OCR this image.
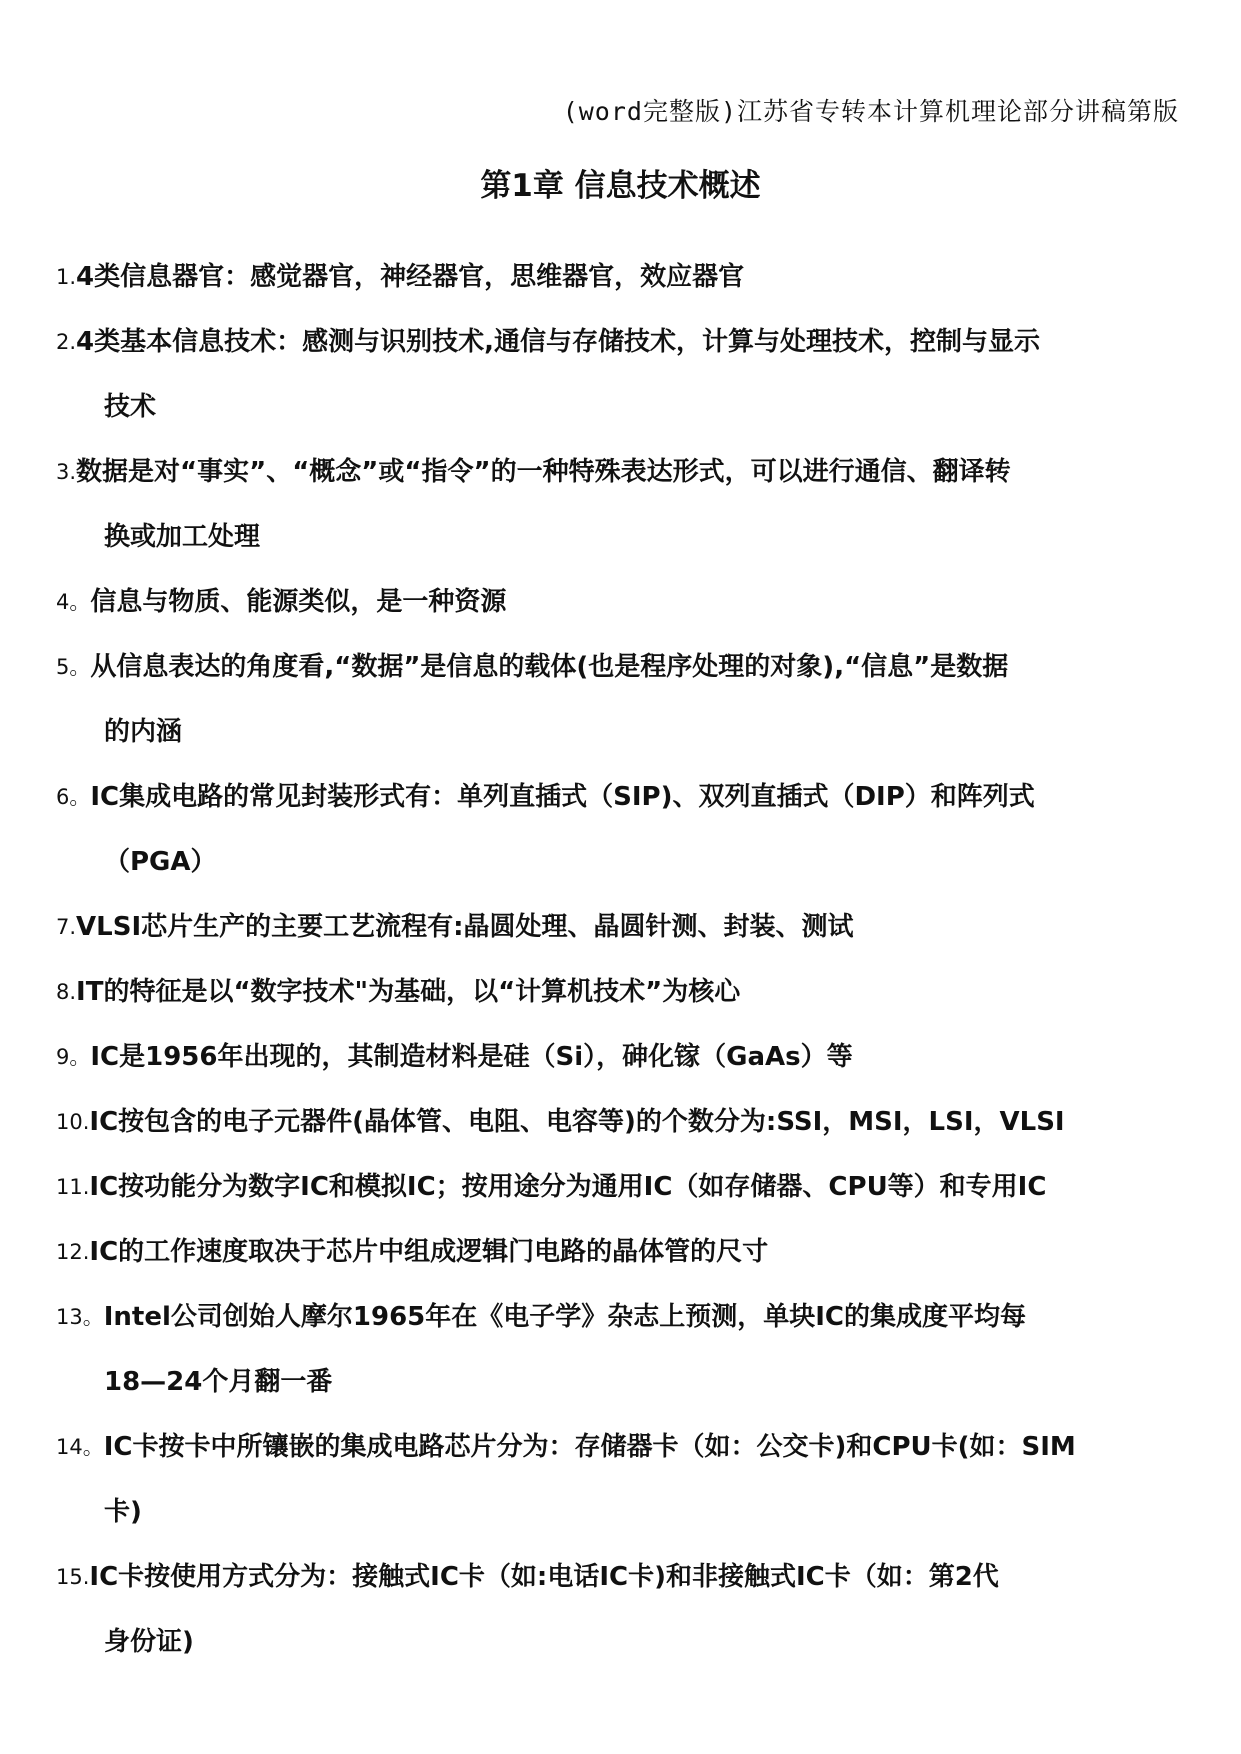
(word完整版)江苏省专转本计算机理论部分讲稿第版
第1章 信息技术概述
1. 4类信息器官：感觉器官，神经器官，思维器官，效应器官
2. 4类基本信息技术：感测与识别技术,通信与存储技术，计算与处理技术，控制与显示
技术
3. 数据是对“事实”、“概念”或“指令”的一种特殊表达形式，可以进行通信、翻译转
换或加工处理
4。 信息与物质、能源类似，是一种资源
5。 从信息表达的角度看,“数据”是信息的载体(也是程序处理的对象),“信息”是数据
的内涵
6。 IC集成电路的常见封装形式有：单列直插式（SIP)、双列直插式（DIP）和阵列式
（PGA）
7. VLSI芯片生产的主要工艺流程有:晶圆处理、晶圆针测、封装、测试
8. IT的特征是以“数字技术"为基础，以“计算机技术”为核心
9。 IC是1956年出现的，其制造材料是硅（Si），砷化镓（GaAs）等
10. IC按包含的电子元器件(晶体管、电阻、电容等)的个数分为:SSI，MSI，LSI，VLSI
11. IC按功能分为数字IC和模拟IC；按用途分为通用IC（如存储器、CPU等）和专用IC
12. IC的工作速度取决于芯片中组成逻辑门电路的晶体管的尺寸
13。 Intel公司创始人摩尔1965年在《电子学》杂志上预测，单块IC的集成度平均每
18—24个月翻一番
14。 IC卡按卡中所镶嵌的集成电路芯片分为：存储器卡（如：公交卡)和CPU卡(如：SIM
卡)
15. IC卡按使用方式分为：接触式IC卡（如:电话IC卡)和非接触式IC卡（如：第2代
身份证)
